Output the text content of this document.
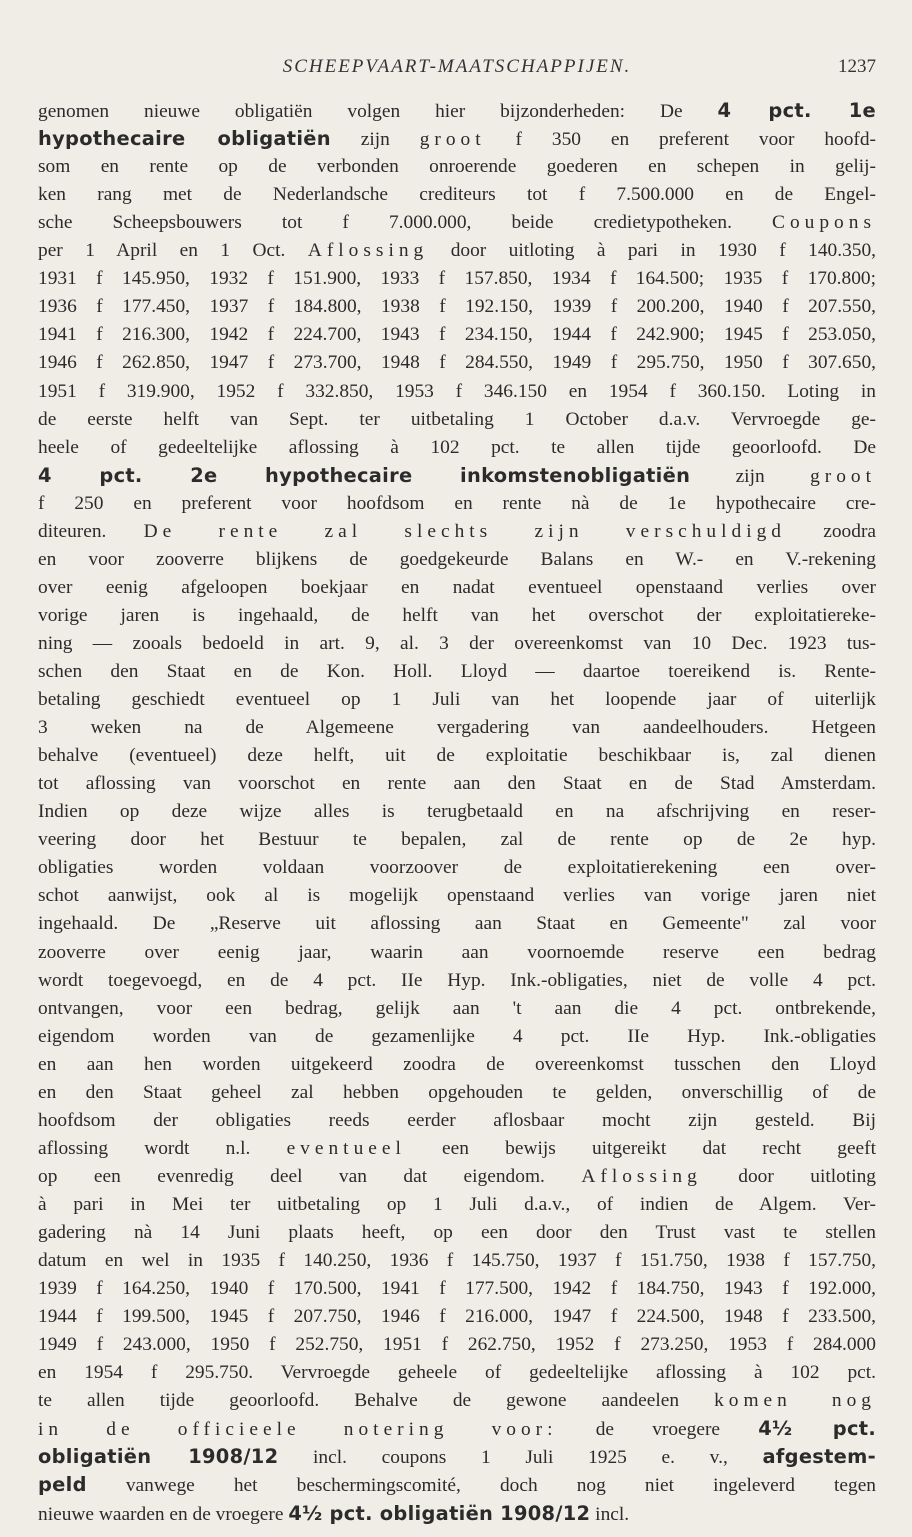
SCHEEPVAART-MAATSCHAPPIJEN.	1237
genomen nieuwe obligatiën volgen hier bijzonderheden: De 4 pct. 1e
hypothecaire obligatiën zijn groot f 350 en preferent voor hoofd-
som en rente op de verbonden onroerende goederen en schepen in gelij-
ken rang met de Nederlandsche crediteurs tot f 7.500.000 en de Engel-
sche Scheepsbouwers tot f 7.000.000, beide credietypotheken. Coupons
per 1 April en 1 Oct. Aflossing door uitloting à pari in 1930 f 140.350,
1931 f 145.950, 1932 f 151.900, 1933 f 157.850, 1934 f 164.500; 1935 f 170.800;
1936 f 177.450, 1937 f 184.800, 1938 f 192.150, 1939 f 200.200, 1940 f 207.550,
1941 f 216.300, 1942 f 224.700, 1943 f 234.150, 1944 f 242.900; 1945 f 253.050,
1946 f 262.850, 1947 f 273.700, 1948 f 284.550, 1949 f 295.750, 1950 f 307.650,
1951 f 319.900, 1952 f 332.850, 1953 f 346.150 en 1954 f 360.150. Loting in
de eerste helft van Sept. ter uitbetaling 1 October d.a.v. Vervroegde ge-
heele of gedeeltelijke aflossing à 102 pct. te allen tijde geoorloofd. De
4 pct. 2e hypothecaire inkomstenobligatiën zijn groot
f 250 en preferent voor hoofdsom en rente nà de 1e hypothecaire cre-
diteuren. De rente zal slechts zijn verschuldigd zoodra
en voor zooverre blijkens de goedgekeurde Balans en W.- en V.-rekening
over eenig afgeloopen boekjaar en nadat eventueel openstaand verlies over
vorige jaren is ingehaald, de helft van het overschot der exploitatiereke-
ning — zooals bedoeld in art. 9, al. 3 der overeenkomst van 10 Dec. 1923 tus-
schen den Staat en de Kon. Holl. Lloyd — daartoe toereikend is. Rente-
betaling geschiedt eventueel op 1 Juli van het loopende jaar of uiterlijk
3 weken na de Algemeene vergadering van aandeelhouders. Hetgeen
behalve (eventueel) deze helft, uit de exploitatie beschikbaar is, zal dienen
tot aflossing van voorschot en rente aan den Staat en de Stad Amsterdam.
Indien op deze wijze alles is terugbetaald en na afschrijving en reser-
veering door het Bestuur te bepalen, zal de rente op de 2e hyp.
obligaties worden voldaan voorzoover de exploitatierekening een over-
schot aanwijst, ook al is mogelijk openstaand verlies van vorige jaren niet
ingehaald. De „Reserve uit aflossing aan Staat en Gemeente" zal voor
zooverre over eenig jaar, waarin aan voornoemde reserve een bedrag
wordt toegevoegd, en de 4 pct. IIe Hyp. Ink.-obligaties, niet de volle 4 pct.
ontvangen, voor een bedrag, gelijk aan 't aan die 4 pct. ontbrekende,
eigendom worden van de gezamenlijke 4 pct. IIe Hyp. Ink.-obligaties
en aan hen worden uitgekeerd zoodra de overeenkomst tusschen den Lloyd
en den Staat geheel zal hebben opgehouden te gelden, onverschillig of de
hoofdsom der obligaties reeds eerder aflosbaar mocht zijn gesteld. Bij
aflossing wordt n.l. eventueel een bewijs uitgereikt dat recht geeft
op een evenredig deel van dat eigendom. Aflossing door uitloting
à pari in Mei ter uitbetaling op 1 Juli d.a.v., of indien de Algem. Ver-
gadering nà 14 Juni plaats heeft, op een door den Trust vast te stellen
datum en wel in 1935 f 140.250, 1936 f 145.750, 1937 f 151.750, 1938 f 157.750,
1939 f 164.250, 1940 f 170.500, 1941 f 177.500, 1942 f 184.750, 1943 f 192.000,
1944 f 199.500, 1945 f 207.750, 1946 f 216.000, 1947 f 224.500, 1948 f 233.500,
1949 f 243.000, 1950 f 252.750, 1951 f 262.750, 1952 f 273.250, 1953 f 284.000
en 1954 f 295.750. Vervroegde geheele of gedeeltelijke aflossing à 102 pct.
te allen tijde geoorloofd. Behalve de gewone aandeelen komen nog
in de officieele notering voor: de vroegere 4½ pct.
obligatiën 1908/12 incl. coupons 1 Juli 1925 e. v., afgestem-
peld vanwege het beschermingscomité, doch nog niet ingeleverd tegen
nieuwe waarden en de vroegere 4½ pct. obligatiën 1908/12 incl.
